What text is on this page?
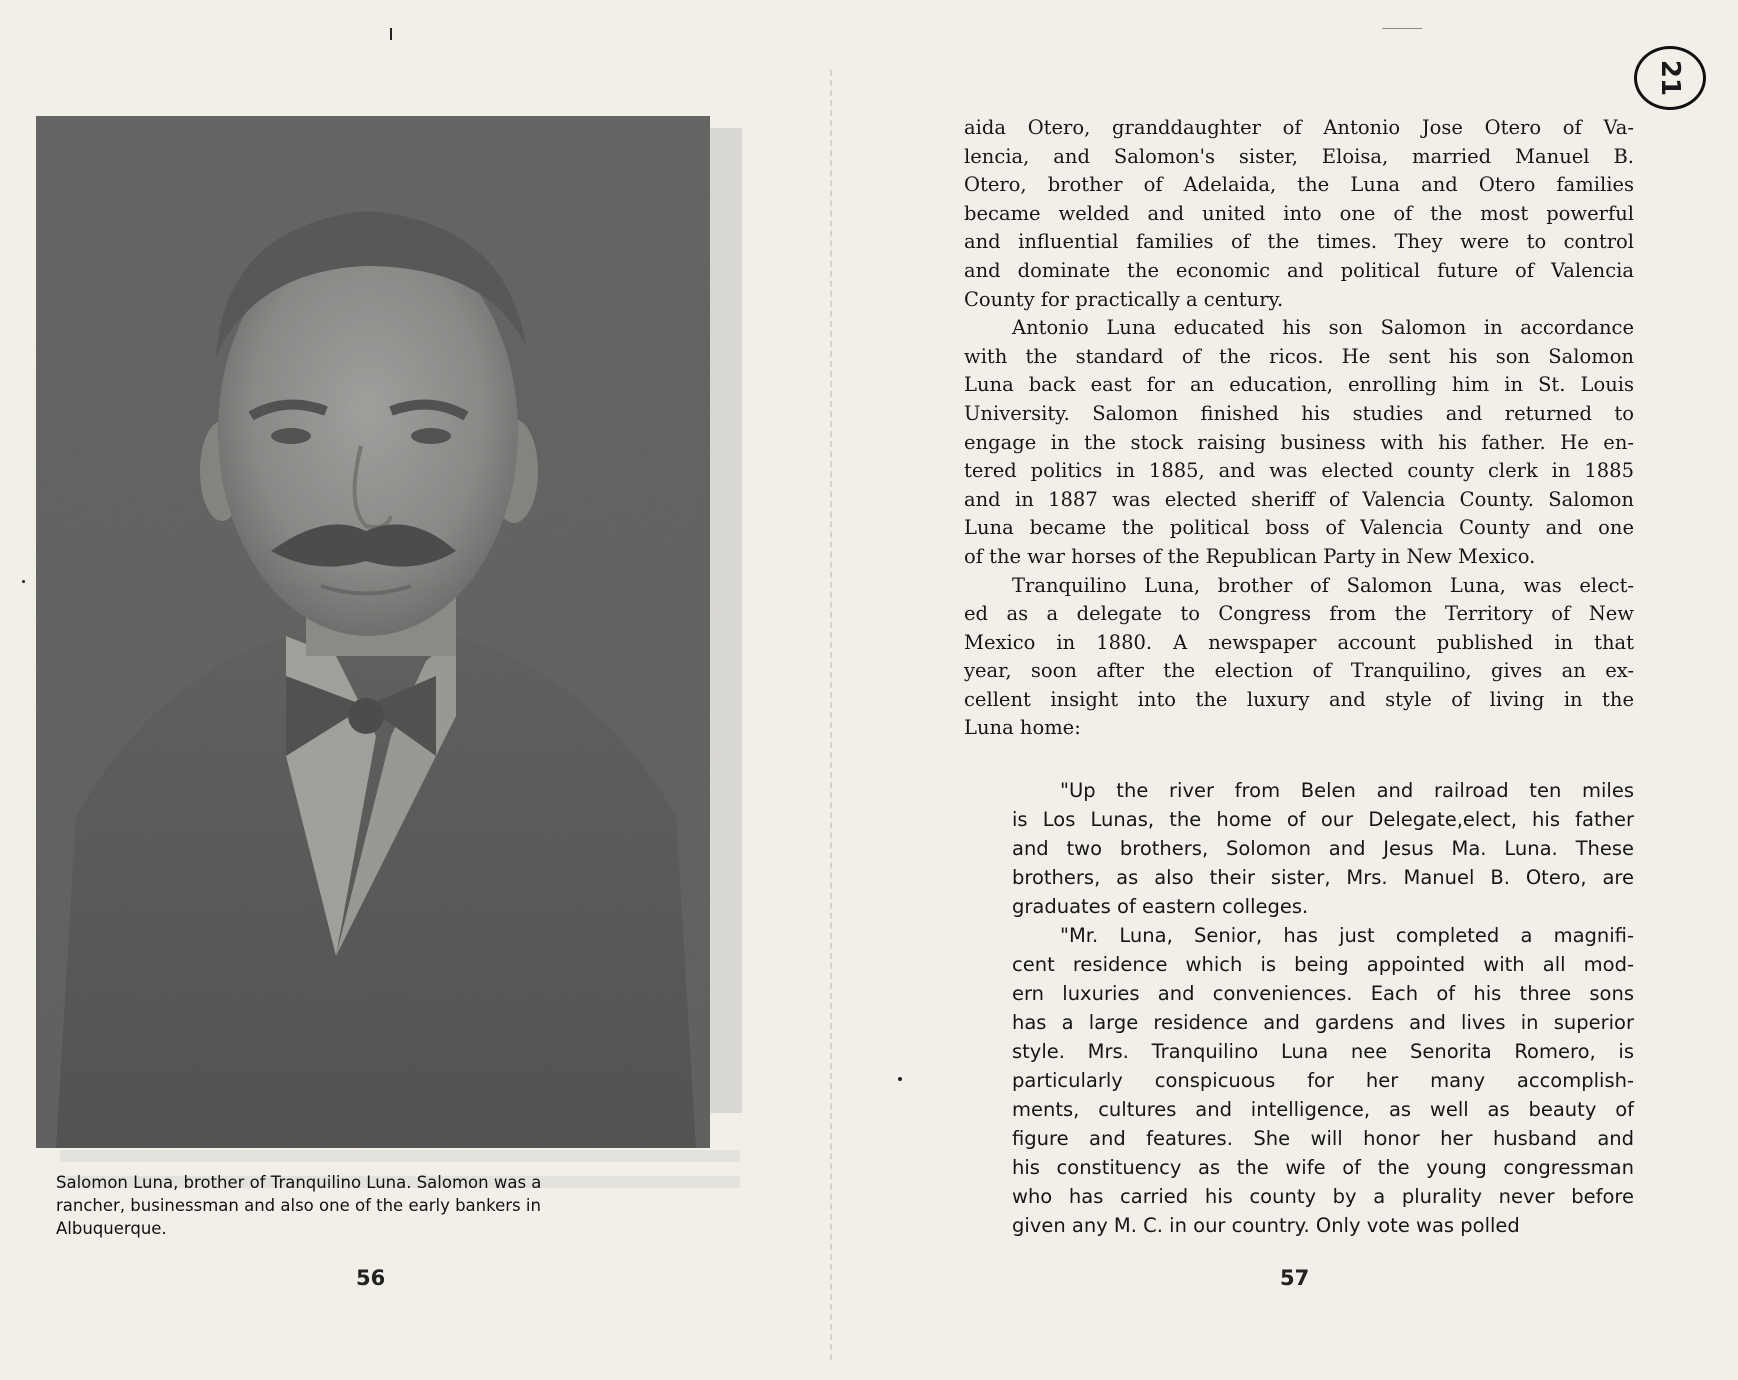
Salomon Luna, brother of Tranquilino Luna. Salomon was a
rancher, businessman and also one of the early bankers in
Albuquerque.
56
21
aida Otero, granddaughter of Antonio Jose Otero of Va-
lencia, and Salomon's sister, Eloisa, married Manuel B.
Otero, brother of Adelaida, the Luna and Otero families
became welded and united into one of the most powerful
and influential families of the times. They were to control
and dominate the economic and political future of Valencia
County for practically a century.
Antonio Luna educated his son Salomon in accordance
with the standard of the ricos. He sent his son Salomon
Luna back east for an education, enrolling him in St. Louis
University. Salomon finished his studies and returned to
engage in the stock raising business with his father. He en-
tered politics in 1885, and was elected county clerk in 1885
and in 1887 was elected sheriff of Valencia County. Salomon
Luna became the political boss of Valencia County and one
of the war horses of the Republican Party in New Mexico.
Tranquilino Luna, brother of Salomon Luna, was elect-
ed as a delegate to Congress from the Territory of New
Mexico in 1880. A newspaper account published in that
year, soon after the election of Tranquilino, gives an ex-
cellent insight into the luxury and style of living in the
Luna home:
"Up the river from Belen and railroad ten miles
is Los Lunas, the home of our Delegate,elect, his father
and two brothers, Solomon and Jesus Ma. Luna. These
brothers, as also their sister, Mrs. Manuel B. Otero, are
graduates of eastern colleges.
"Mr. Luna, Senior, has just completed a magnifi-
cent residence which is being appointed with all mod-
ern luxuries and conveniences. Each of his three sons
has a large residence and gardens and lives in superior
style. Mrs. Tranquilino Luna nee Senorita Romero, is
particularly conspicuous for her many accomplish-
ments, cultures and intelligence, as well as beauty of
figure and features. She will honor her husband and
his constituency as the wife of the young congressman
who has carried his county by a plurality never before
given any M. C. in our country. Only vote was polled
57
